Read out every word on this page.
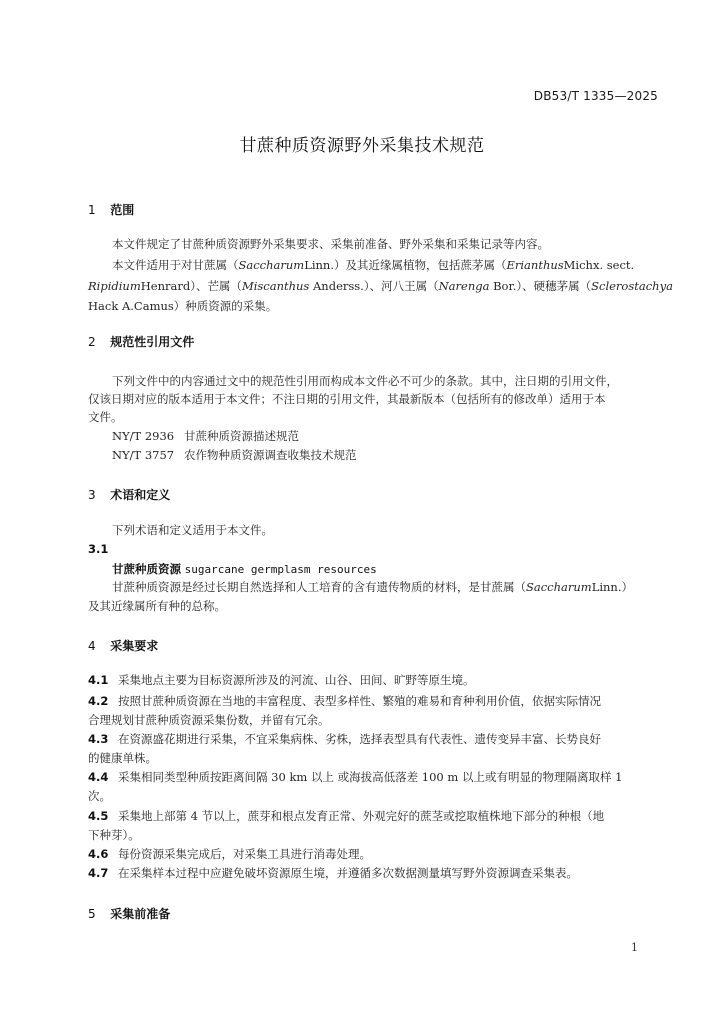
DB53/T 1335—2025
甘蔗种质资源野外采集技术规范
1 范围
本文件规定了甘蔗种质资源野外采集要求、采集前准备、野外采集和采集记录等内容。
本文件适用于对甘蔗属（SaccharumLinn.）及其近缘属植物，包括蔗茅属（ErianthusMichx. sect.
RipidiumHenrard）、芒属（Miscanthus Anderss.）、河八王属（Narenga Bor.）、硬穗茅属（Sclerostachya
Hack A.Camus）种质资源的采集。
2 规范性引用文件
下列文件中的内容通过文中的规范性引用而构成本文件必不可少的条款。其中，注日期的引用文件，
仅该日期对应的版本适用于本文件；不注日期的引用文件，其最新版本（包括所有的修改单）适用于本
文件。
NY/T 2936 甘蔗种质资源描述规范
NY/T 3757 农作物种质资源调查收集技术规范
3 术语和定义
下列术语和定义适用于本文件。
3.1
甘蔗种质资源 sugarcane germplasm resources
甘蔗种质资源是经过长期自然选择和人工培育的含有遗传物质的材料，是甘蔗属（SaccharumLinn.）
及其近缘属所有种的总称。
4 采集要求
4.1 采集地点主要为目标资源所涉及的河流、山谷、田间、旷野等原生境。
4.2 按照甘蔗种质资源在当地的丰富程度、表型多样性、繁殖的难易和育种利用价值，依据实际情况
合理规划甘蔗种质资源采集份数，并留有冗余。
4.3 在资源盛花期进行采集，不宜采集病株、劣株，选择表型具有代表性、遗传变异丰富、长势良好
的健康单株。
4.4 采集相同类型种质按距离间隔 30 km 以上 或海拔高低落差 100 m 以上或有明显的物理隔离取样 1
次。
4.5 采集地上部第 4 节以上，蔗芽和根点发育正常、外观完好的蔗茎或挖取植株地下部分的种根（地
下种芽）。
4.6 每份资源采集完成后，对采集工具进行消毒处理。
4.7 在采集样本过程中应避免破坏资源原生境，并遵循多次数据测量填写野外资源调查采集表。
5 采集前准备
1
